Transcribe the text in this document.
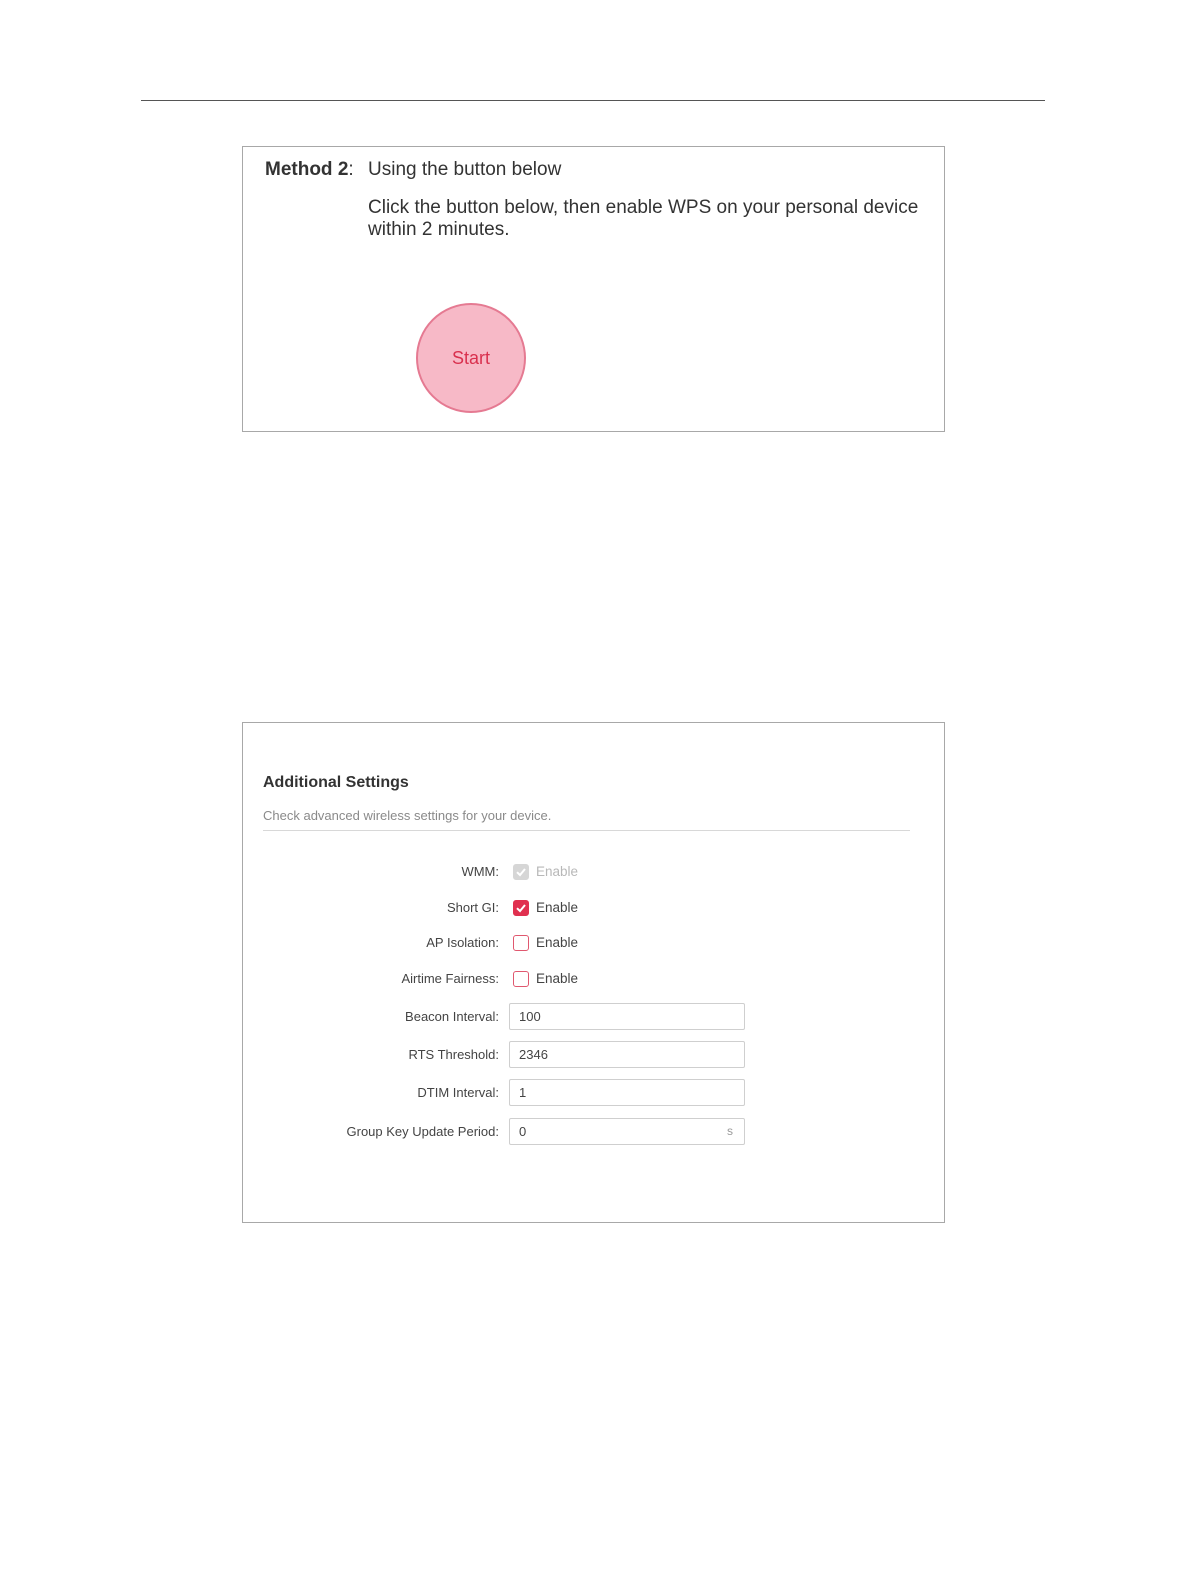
Method 2: Using the button below
Click the button below, then enable WPS on your personal device within 2 minutes.
Start
Additional Settings
Check advanced wireless settings for your device.
WMM:	Enable
Short GI:	Enable
AP Isolation:	Enable
Airtime Fairness:	Enable
Beacon Interval:
100
RTS Threshold:
2346
DTIM Interval:
1
Group Key Update Period:
0	s
